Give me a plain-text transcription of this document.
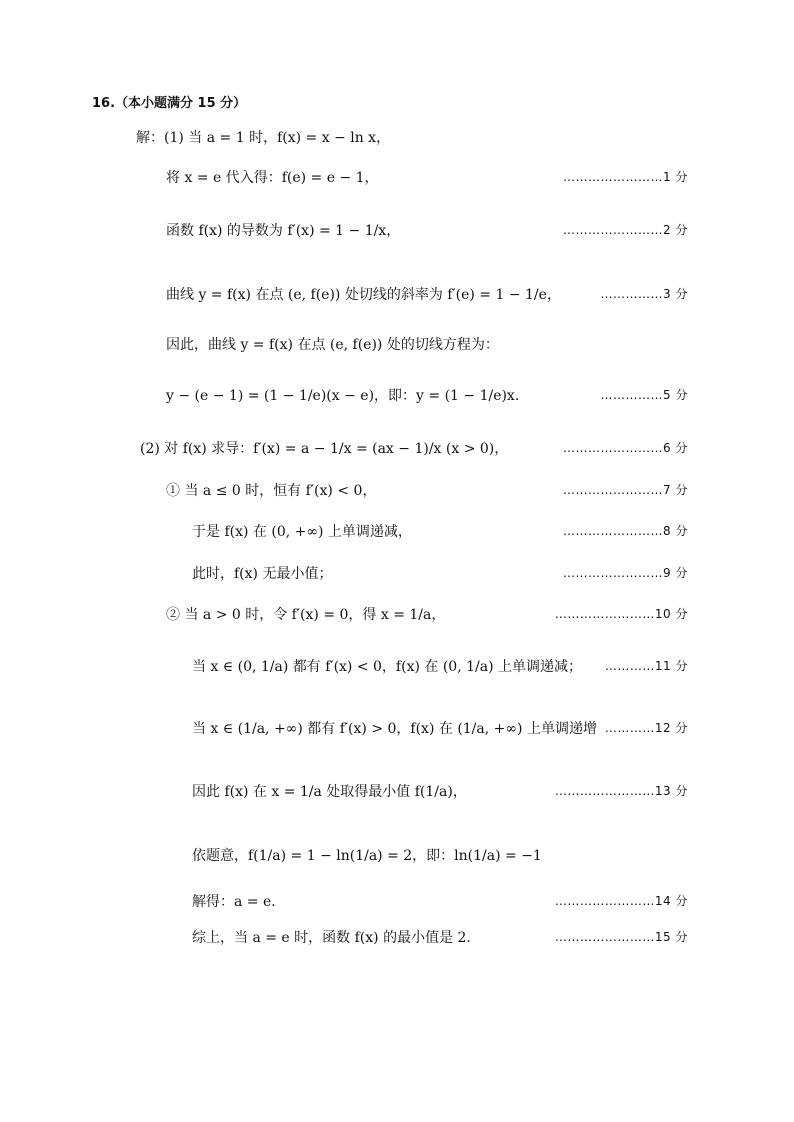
16.（本小题满分 15 分）
解：(1) 当 a = 1 时，f(x) = x − ln x，
将 x = e 代入得：f(e) = e − 1，	……………………1 分
函数 f(x) 的导数为 f′(x) = 1 − 1/x，	……………………2 分
曲线 y = f(x) 在点 (e, f(e)) 处切线的斜率为 f′(e) = 1 − 1/e，	……………3 分
因此，曲线 y = f(x) 在点 (e, f(e)) 处的切线方程为：
y − (e − 1) = (1 − 1/e)(x − e)，即：y = (1 − 1/e)x．	……………5 分
(2) 对 f(x) 求导：f′(x) = a − 1/x = (ax − 1)/x (x > 0)，	……………………6 分
① 当 a ≤ 0 时，恒有 f′(x) < 0，	……………………7 分
于是 f(x) 在 (0, +∞) 上单调递减，	……………………8 分
此时，f(x) 无最小值；	……………………9 分
② 当 a > 0 时，令 f′(x) = 0，得 x = 1/a，	……………………10 分
当 x ∈ (0, 1/a) 都有 f′(x) < 0，f(x) 在 (0, 1/a) 上单调递减； …………11 分
当 x ∈ (1/a, +∞) 都有 f′(x) > 0，f(x) 在 (1/a, +∞) 上单调递增 …………12 分
因此 f(x) 在 x = 1/a 处取得最小值 f(1/a)，	……………………13 分
依题意，f(1/a) = 1 − ln(1/a) = 2，即：ln(1/a) = −1
解得：a = e．	……………………14 分
综上，当 a = e 时，函数 f(x) 的最小值是 2．	……………………15 分
